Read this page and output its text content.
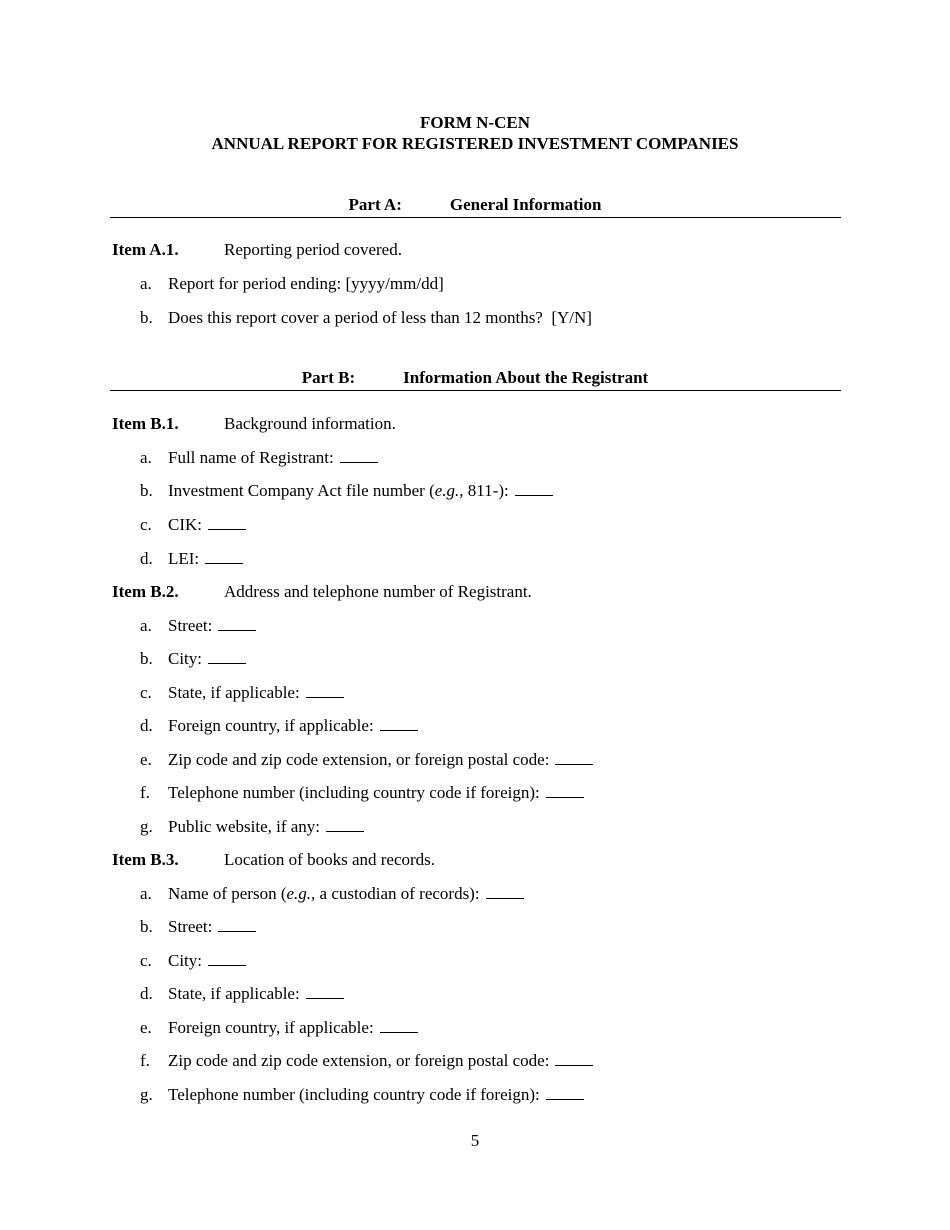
FORM N-CEN
ANNUAL REPORT FOR REGISTERED INVESTMENT COMPANIES
Part A:	General Information
Item A.1.	Reporting period covered.
a. Report for period ending: [yyyy/mm/dd]
b. Does this report cover a period of less than 12 months?  [Y/N]
Part B:	Information About the Registrant
Item B.1.	Background information.
a. Full name of Registrant:
b. Investment Company Act file number (e.g., 811-):
c. CIK:
d. LEI:
Item B.2.	Address and telephone number of Registrant.
a. Street:
b. City:
c. State, if applicable:
d. Foreign country, if applicable:
e. Zip code and zip code extension, or foreign postal code:
f. Telephone number (including country code if foreign):
g. Public website, if any:
Item B.3.	Location of books and records.
a. Name of person (e.g., a custodian of records):
b. Street:
c. City:
d. State, if applicable:
e. Foreign country, if applicable:
f. Zip code and zip code extension, or foreign postal code:
g. Telephone number (including country code if foreign):
5
